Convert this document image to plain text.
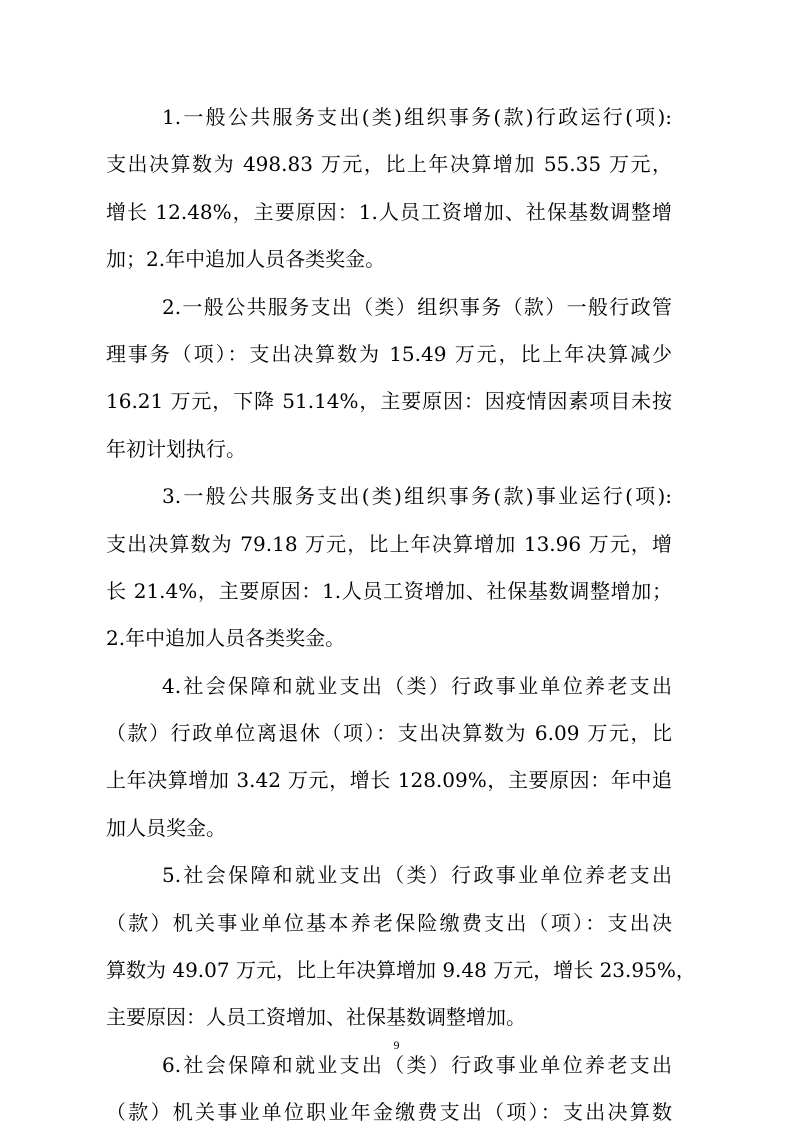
1.一般公共服务支出(类)组织事务(款)行政运行(项):
支出决算数为 498.83 万元，比上年决算增加 55.35 万元，
增长 12.48%，主要原因：1.人员工资增加、社保基数调整增
加；2.年中追加人员各类奖金。
2.一般公共服务支出（类）组织事务（款）一般行政管
理事务（项）：支出决算数为 15.49 万元，比上年决算减少
16.21 万元，下降 51.14%，主要原因：因疫情因素项目未按
年初计划执行。
3.一般公共服务支出(类)组织事务(款)事业运行(项):
支出决算数为 79.18 万元，比上年决算增加 13.96 万元，增
长 21.4%，主要原因：1.人员工资增加、社保基数调整增加；
2.年中追加人员各类奖金。
4.社会保障和就业支出（类）行政事业单位养老支出
（款）行政单位离退休（项）：支出决算数为 6.09 万元，比
上年决算增加 3.42 万元，增长 128.09%，主要原因：年中追
加人员奖金。
5.社会保障和就业支出（类）行政事业单位养老支出
（款）机关事业单位基本养老保险缴费支出（项）：支出决
算数为 49.07 万元，比上年决算增加 9.48 万元，增长 23.95%，
主要原因：人员工资增加、社保基数调整增加。
6.社会保障和就业支出（类）行政事业单位养老支出
（款）机关事业单位职业年金缴费支出（项）：支出决算数
9
